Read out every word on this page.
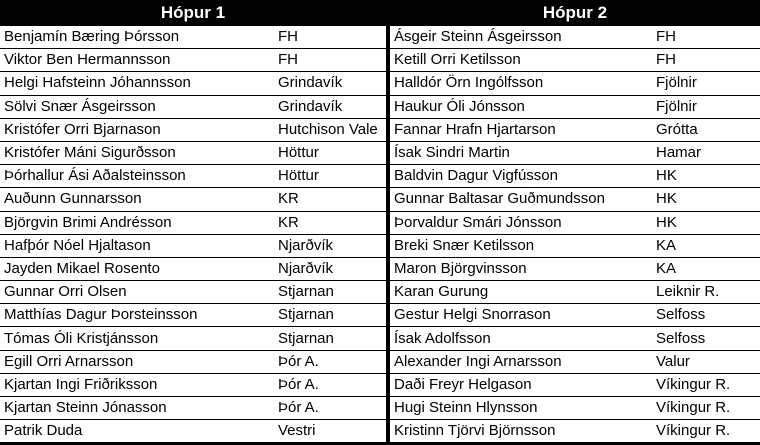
Hópur 1
Benjamín Bæring Þórsson	FH
Viktor Ben Hermannsson	FH
Helgi Hafsteinn Jóhannsson	Grindavík
Sölvi Snær Ásgeirsson	Grindavík
Kristófer Orri Bjarnason	Hutchison Vale
Kristófer Máni Sigurðsson	Höttur
Þórhallur Ási Aðalsteinsson	Höttur
Auðunn Gunnarsson	KR
Björgvin Brimi Andrésson	KR
Hafþór Nóel Hjaltason	Njarðvík
Jayden Mikael Rosento	Njarðvík
Gunnar Orri Olsen	Stjarnan
Matthías Dagur Þorsteinsson	Stjarnan
Tómas Óli Kristjánsson	Stjarnan
Egill Orri Arnarsson	Þór A.
Kjartan Ingi Friðriksson	Þór A.
Kjartan Steinn Jónasson	Þór A.
Patrik Duda	Vestri
Hópur 2
Ásgeir Steinn Ásgeirsson	FH
Ketill Orri Ketilsson	FH
Halldór Örn Ingólfsson	Fjölnir
Haukur Óli Jónsson	Fjölnir
Fannar Hrafn Hjartarson	Grótta
Ísak Sindri Martin	Hamar
Baldvin Dagur Vigfússon	HK
Gunnar Baltasar Guðmundsson	HK
Þorvaldur Smári Jónsson	HK
Breki Snær Ketilsson	KA
Maron Björgvinsson	KA
Karan Gurung	Leiknir R.
Gestur Helgi Snorrason	Selfoss
Ísak Adolfsson	Selfoss
Alexander Ingi Arnarsson	Valur
Daði Freyr Helgason	Víkingur R.
Hugi Steinn Hlynsson	Víkingur R.
Kristinn Tjörvi Björnsson	Víkingur R.
